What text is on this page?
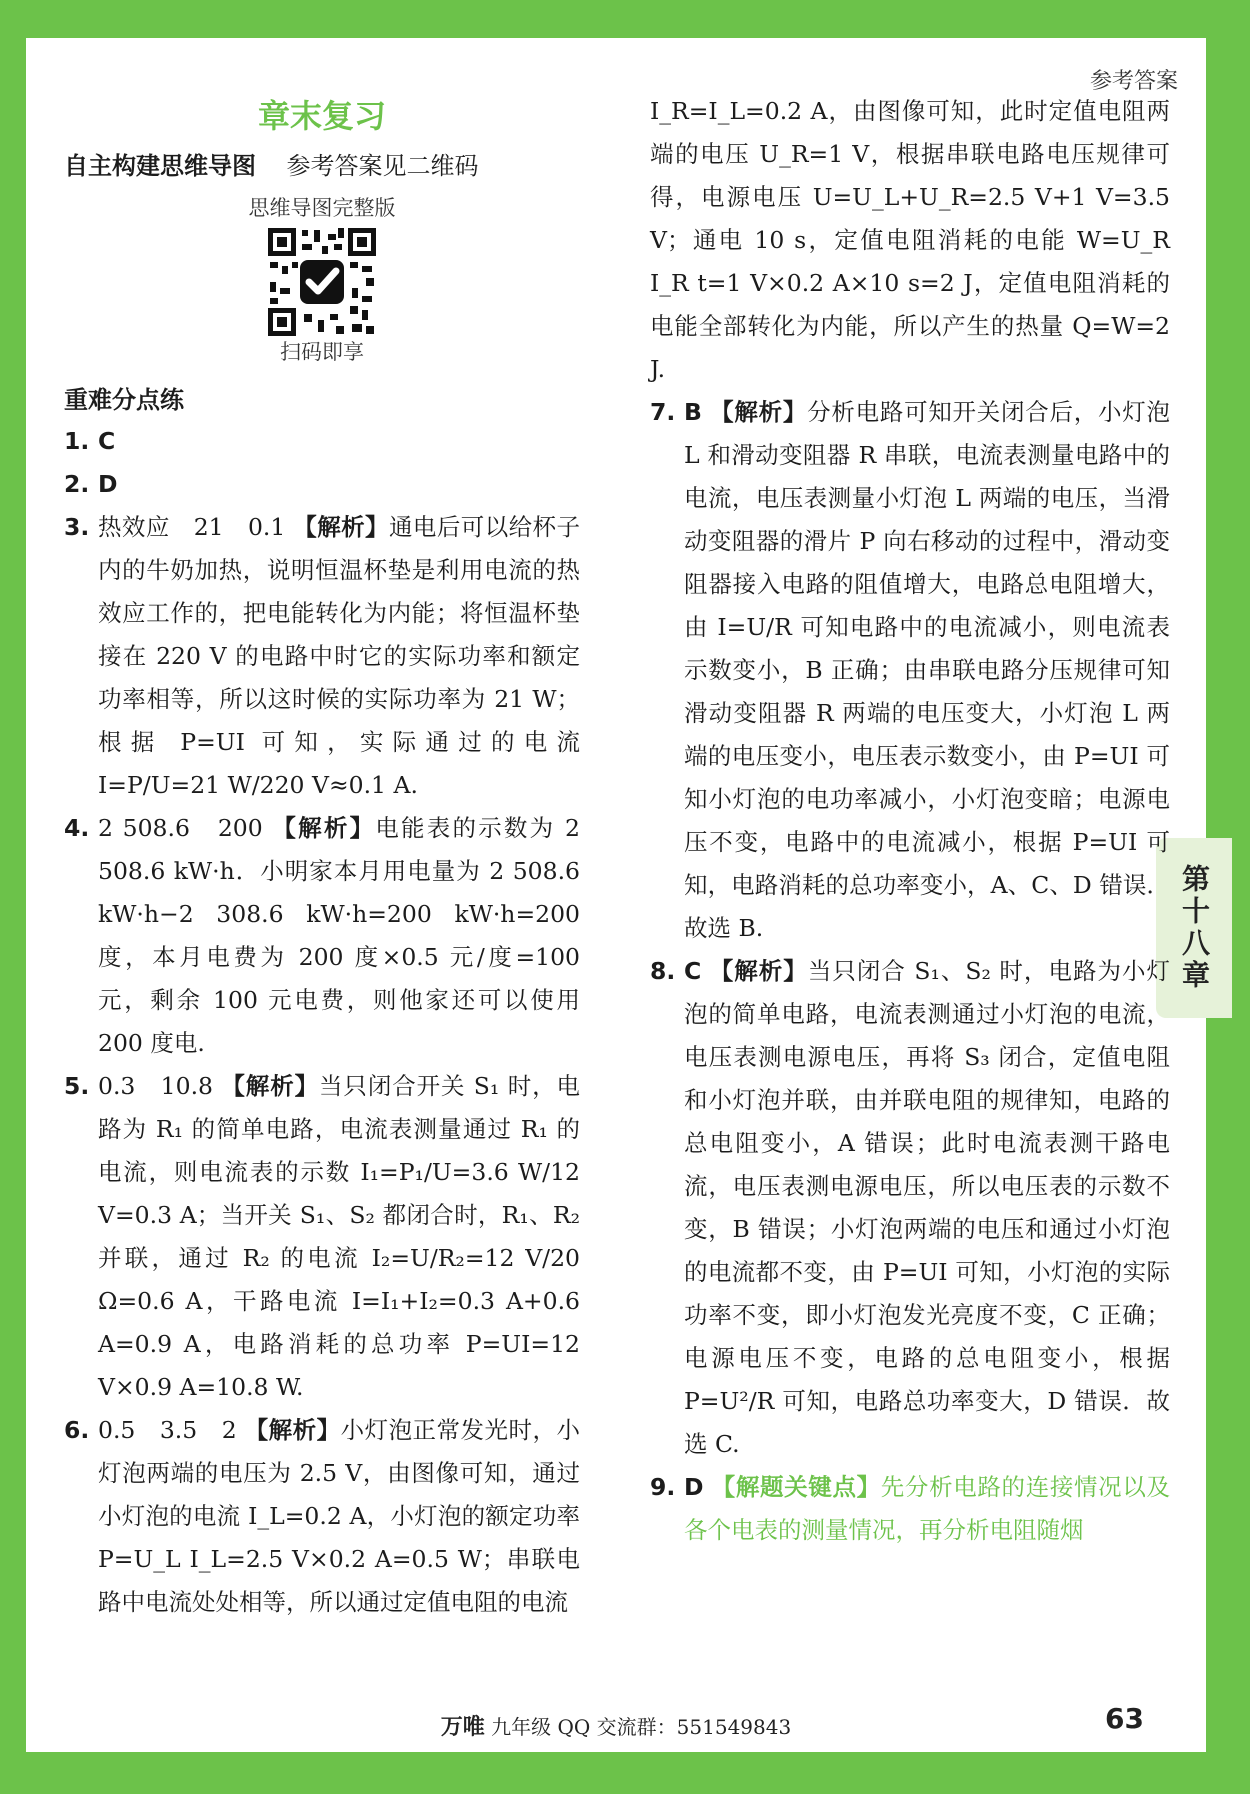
参考答案
第十八章
章末复习
自主构建思维导图 参考答案见二维码
思维导图完整版
扫码即享
重难分点练
1. C
2. D
3. 热效应　21　0.1 【解析】通电后可以给杯子内的牛奶加热，说明恒温杯垫是利用电流的热效应工作的，把电能转化为内能；将恒温杯垫接在 220 V 的电路中时它的实际功率和额定功率相等，所以这时候的实际功率为 21 W；根据 P=UI 可知，实际通过的电流 I=P/U=21 W/220 V≈0.1 A.
4. 2 508.6　200 【解析】电能表的示数为 2 508.6 kW·h．小明家本月用电量为 2 508.6 kW·h−2 308.6 kW·h=200 kW·h=200 度，本月电费为 200 度×0.5 元/度=100 元，剩余 100 元电费，则他家还可以使用 200 度电.
5. 0.3　10.8 【解析】当只闭合开关 S₁ 时，电路为 R₁ 的简单电路，电流表测量通过 R₁ 的电流，则电流表的示数 I₁=P₁/U=3.6 W/12 V=0.3 A；当开关 S₁、S₂ 都闭合时，R₁、R₂ 并联，通过 R₂ 的电流 I₂=U/R₂=12 V/20 Ω=0.6 A，干路电流 I=I₁+I₂=0.3 A+0.6 A=0.9 A，电路消耗的总功率 P=UI=12 V×0.9 A=10.8 W.
6. 0.5　3.5　2 【解析】小灯泡正常发光时，小灯泡两端的电压为 2.5 V，由图像可知，通过小灯泡的电流 I_L=0.2 A，小灯泡的额定功率 P=U_L I_L=2.5 V×0.2 A=0.5 W；串联电路中电流处处相等，所以通过定值电阻的电流
I_R=I_L=0.2 A，由图像可知，此时定值电阻两端的电压 U_R=1 V，根据串联电路电压规律可得，电源电压 U=U_L+U_R=2.5 V+1 V=3.5 V；通电 10 s，定值电阻消耗的电能 W=U_R I_R t=1 V×0.2 A×10 s=2 J，定值电阻消耗的电能全部转化为内能，所以产生的热量 Q=W=2 J.
7. B 【解析】分析电路可知开关闭合后，小灯泡 L 和滑动变阻器 R 串联，电流表测量电路中的电流，电压表测量小灯泡 L 两端的电压，当滑动变阻器的滑片 P 向右移动的过程中，滑动变阻器接入电路的阻值增大，电路总电阻增大，由 I=U/R 可知电路中的电流减小，则电流表示数变小，B 正确；由串联电路分压规律可知滑动变阻器 R 两端的电压变大，小灯泡 L 两端的电压变小，电压表示数变小，由 P=UI 可知小灯泡的电功率减小，小灯泡变暗；电源电压不变，电路中的电流减小，根据 P=UI 可知，电路消耗的总功率变小，A、C、D 错误．故选 B.
8. C 【解析】当只闭合 S₁、S₂ 时，电路为小灯泡的简单电路，电流表测通过小灯泡的电流，电压表测电源电压，再将 S₃ 闭合，定值电阻和小灯泡并联，由并联电阻的规律知，电路的总电阻变小，A 错误；此时电流表测干路电流，电压表测电源电压，所以电压表的示数不变，B 错误；小灯泡两端的电压和通过小灯泡的电流都不变，由 P=UI 可知，小灯泡的实际功率不变，即小灯泡发光亮度不变，C 正确；电源电压不变，电路的总电阻变小，根据 P=U²/R 可知，电路总功率变大，D 错误．故选 C.
9. D 【解题关键点】先分析电路的连接情况以及各个电表的测量情况，再分析电阻随烟
万唯 九年级 QQ 交流群：551549843	63
